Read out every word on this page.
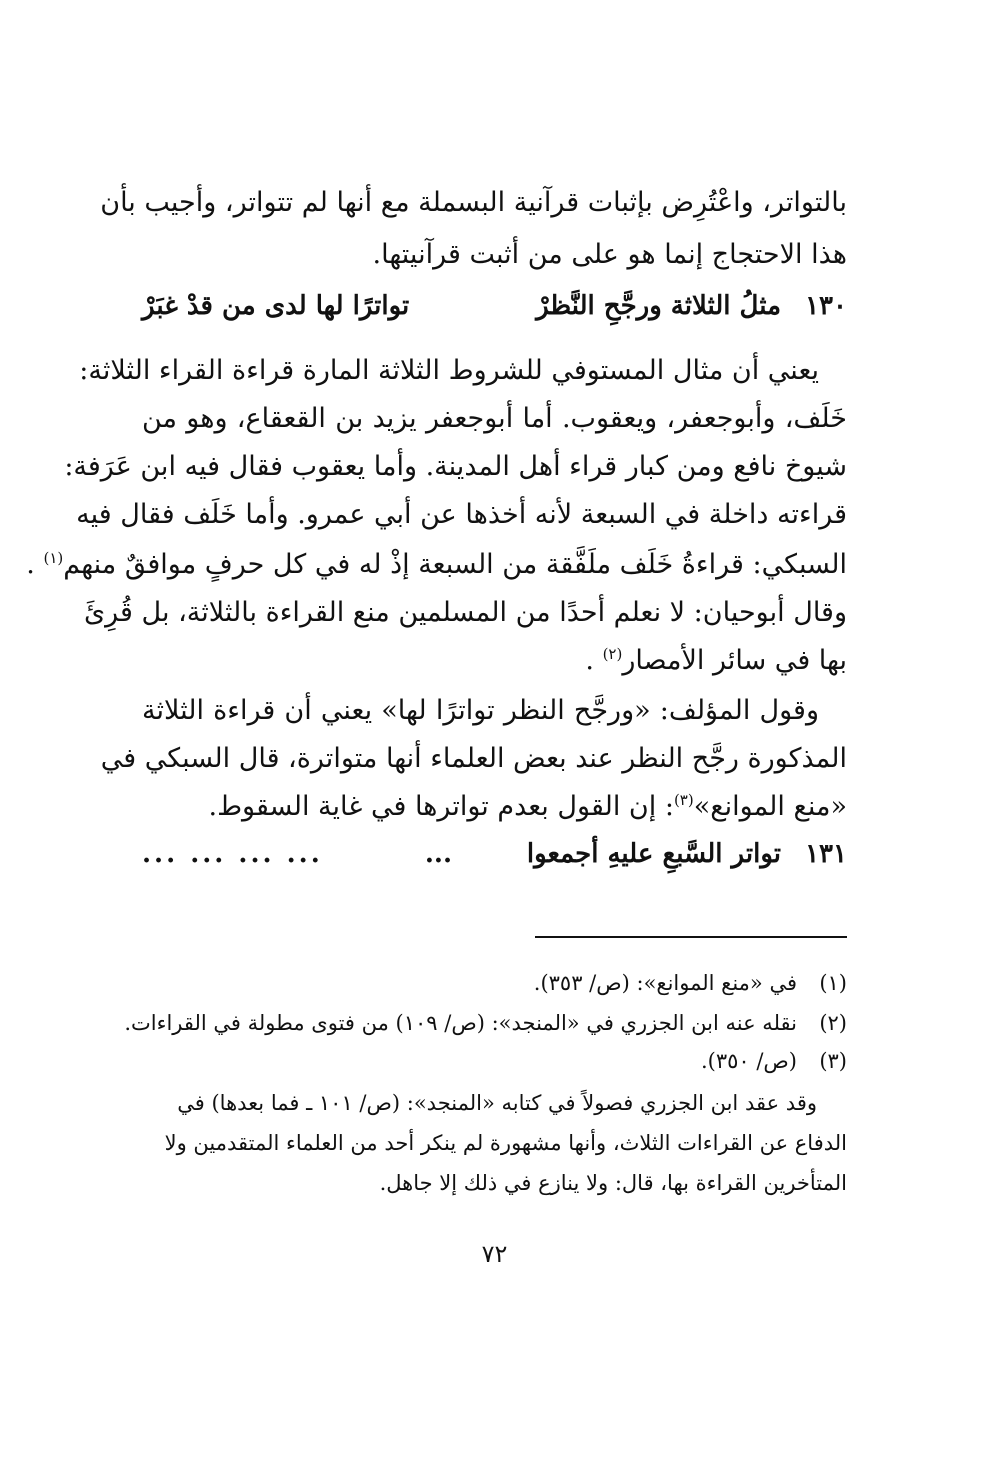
بالتواتر، واعْتُرِض بإثبات قرآنية البسملة مع أنها لم تتواتر، وأجيب بأن
هذا الاحتجاج إنما هو على من أثبت قرآنيتها.
١٣٠
مثلُ الثلاثة ورجَّحِ النَّظرْ
تواترًا لها لدى من قدْ غبَرْ
يعني أن مثال المستوفي للشروط الثلاثة المارة قراءة القراء الثلاثة:
خَلَف، وأبوجعفر، ويعقوب. أما أبوجعفر يزيد بن القعقاع، وهو من
شيوخ نافع ومن كبار قراء أهل المدينة. وأما يعقوب فقال فيه ابن عَرَفة:
قراءته داخلة في السبعة لأنه أخذها عن أبي عمرو. وأما خَلَف فقال فيه
السبكي: قراءةُ خَلَف ملَفَّقة من السبعة إذْ له في كل حرفٍ موافقٌ منهم$^{(١)}$ .
وقال أبوحيان: لا نعلم أحدًا من المسلمين منع القراءة بالثلاثة، بل قُرِئَ
بها في سائر الأمصار$^{(٢)}$ .
وقول المؤلف: «ورجَّح النظر تواترًا لها» يعني أن قراءة الثلاثة
المذكورة رجَّح النظر عند بعض العلماء أنها متواترة، قال السبكي في
«منع الموانع»$^{(٣)}$: إن القول بعدم تواترها في غاية السقوط.
١٣١
تواتر السَّبعِ عليهِ أجمعوا
...
... ... ... ...
(١)في «منع الموانع»: (ص/ ٣٥٣).
(٢)نقله عنه ابن الجزري في «المنجد»: (ص/ ١٠٩) من فتوى مطولة في القراءات.
(٣)(ص/ ٣٥٠).
وقد عقد ابن الجزري فصولاً في كتابه «المنجد»: (ص/ ١٠١ ـ فما بعدها) في
الدفاع عن القراءات الثلاث، وأنها مشهورة لم ينكر أحد من العلماء المتقدمين ولا
المتأخرين القراءة بها، قال: ولا ينازع في ذلك إلا جاهل.
٧٢
